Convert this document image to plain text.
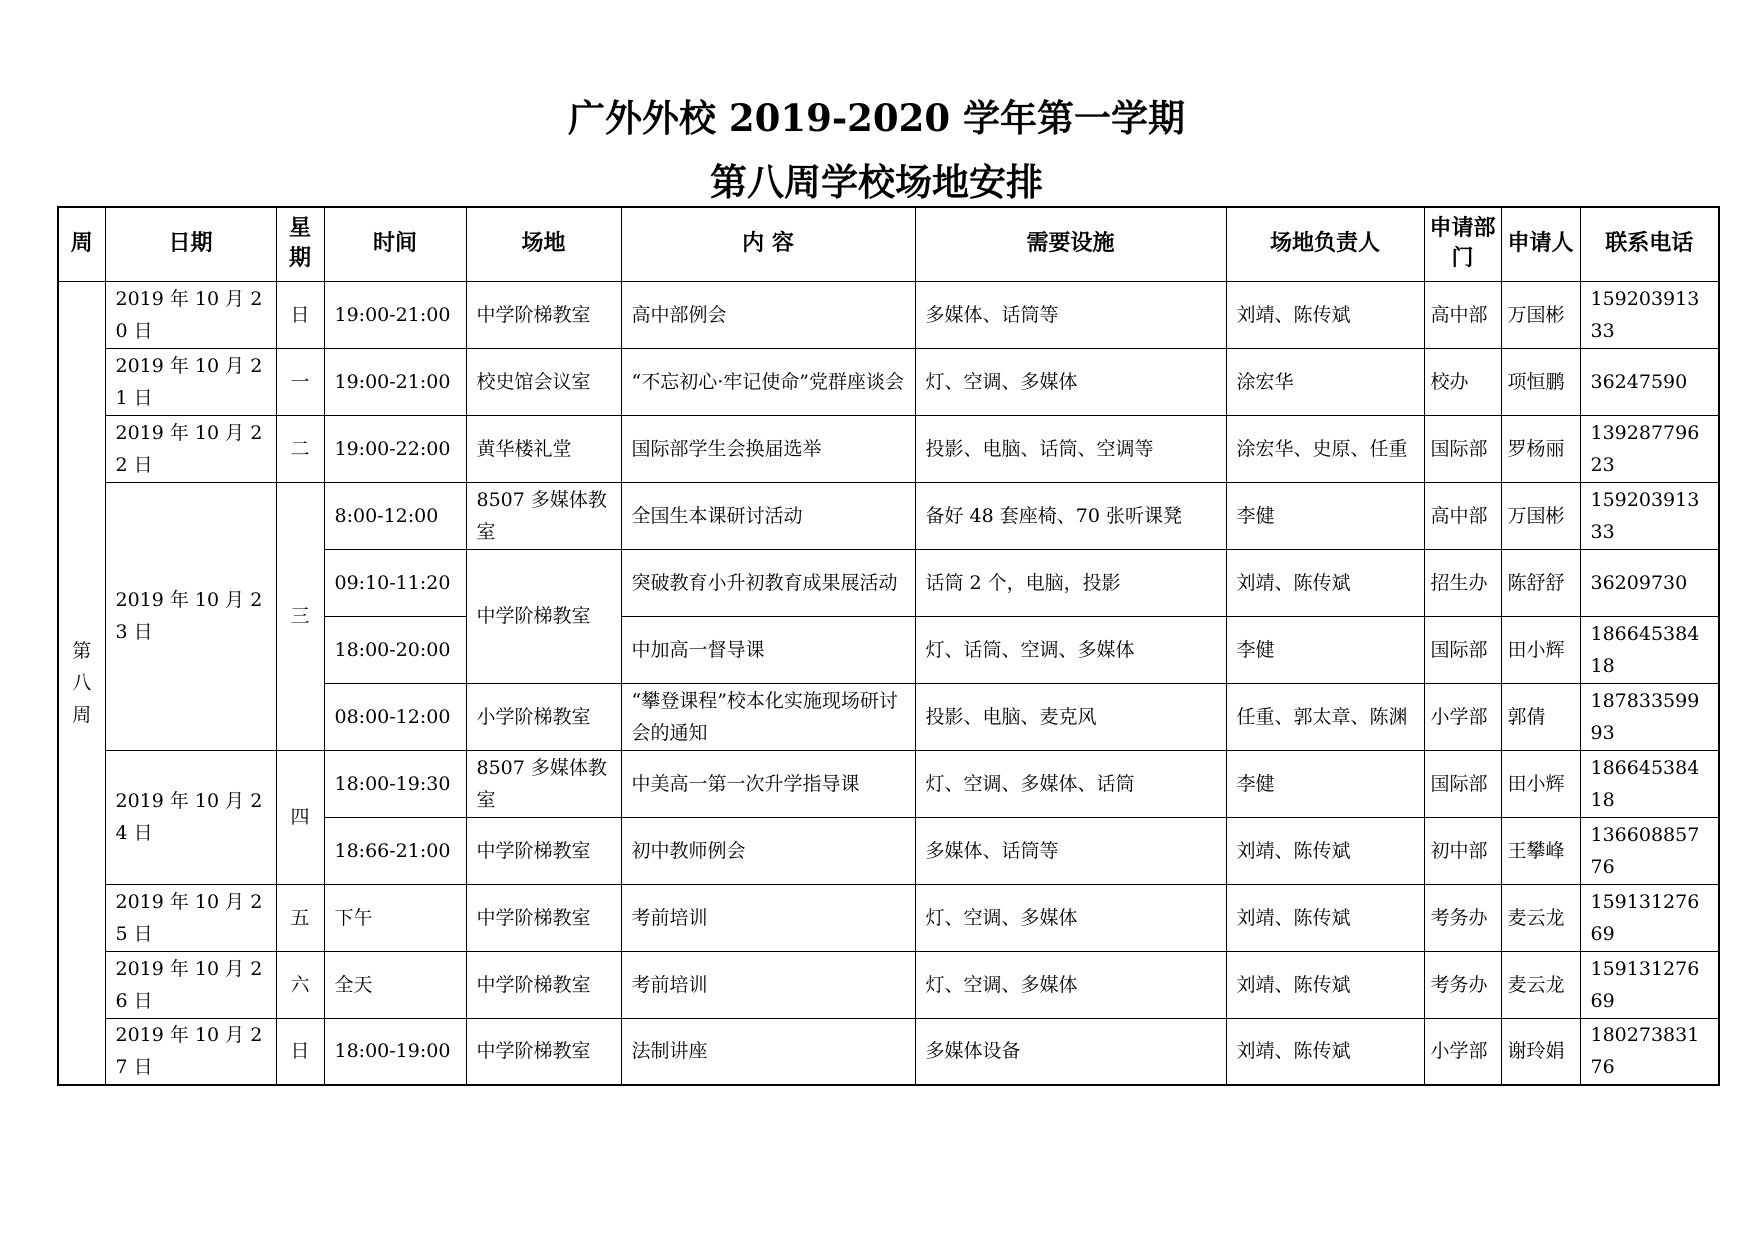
广外外校 2019-2020 学年第一学期
第八周学校场地安排
周	日期	星期	时间	场地	内 容	需要设施	场地负责人	申请部门	申请人	联系电话
第八周	2019 年 10 月 20 日	日	19:00-21:00	中学阶梯教室	高中部例会	多媒体、话筒等	刘靖、陈传斌	高中部	万国彬	15920391333
	2019 年 10 月 21 日	一	19:00-21:00	校史馆会议室	“不忘初心·牢记使命”党群座谈会	灯、空调、多媒体	涂宏华	校办	项恒鹏	36247590
	2019 年 10 月 22 日	二	19:00-22:00	黄华楼礼堂	国际部学生会换届选举	投影、电脑、话筒、空调等	涂宏华、史原、任重	国际部	罗杨丽	13928779623
	2019 年 10 月 23 日	三	8:00-12:00	8507 多媒体教室	全国生本课研讨活动	备好 48 套座椅、70 张听课凳	李健	高中部	万国彬	15920391333
			09:10-11:20	中学阶梯教室	突破教育小升初教育成果展活动	话筒 2 个，电脑，投影	刘靖、陈传斌	招生办	陈舒舒	36209730
			18:00-20:00		中加高一督导课	灯、话筒、空调、多媒体	李健	国际部	田小辉	18664538418
			08:00-12:00	小学阶梯教室	“攀登课程”校本化实施现场研讨会的通知	投影、电脑、麦克风	任重、郭太章、陈渊	小学部	郭倩	18783359993
	2019 年 10 月 24 日	四	18:00-19:30	8507 多媒体教室	中美高一第一次升学指导课	灯、空调、多媒体、话筒	李健	国际部	田小辉	18664538418
			18:66-21:00	中学阶梯教室	初中教师例会	多媒体、话筒等	刘靖、陈传斌	初中部	王攀峰	13660885776
	2019 年 10 月 25 日	五	下午	中学阶梯教室	考前培训	灯、空调、多媒体	刘靖、陈传斌	考务办	麦云龙	15913127669
	2019 年 10 月 26 日	六	全天	中学阶梯教室	考前培训	灯、空调、多媒体	刘靖、陈传斌	考务办	麦云龙	15913127669
	2019 年 10 月 27 日	日	18:00-19:00	中学阶梯教室	法制讲座	多媒体设备	刘靖、陈传斌	小学部	谢玲娟	18027383176
